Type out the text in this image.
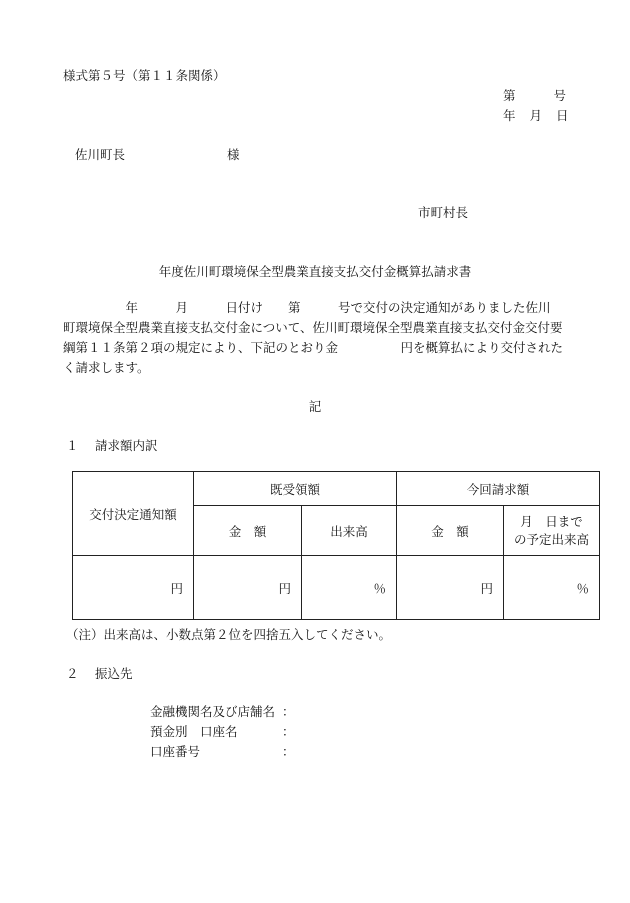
様式第５号（第１１条関係）
第	号
年 月 日
佐川町長	様
市町村長
年度佐川町環境保全型農業直接支払交付金概算払請求書
　　　　　年　　　月　　　日付け　　第　　　号で交付の決定通知がありました佐川
町環境保全型農業直接支払交付金について、佐川町環境保全型農業直接支払交付金交付要
綱第１１条第２項の規定により、下記のとおり金　　　　　円を概算払により交付された
く請求します。
記
１　 請求額内訳
交付決定通知額	既受領額		今回請求額	
	金　額	出来高	金　額	月　日まで
の予定出来高

円	円	％	円	％
（注）出来高は、小数点第２位を四捨五入してください。
２　 振込先
金融機関名及び店舗名 ：
預金別　口座名	：
口座番号	：
